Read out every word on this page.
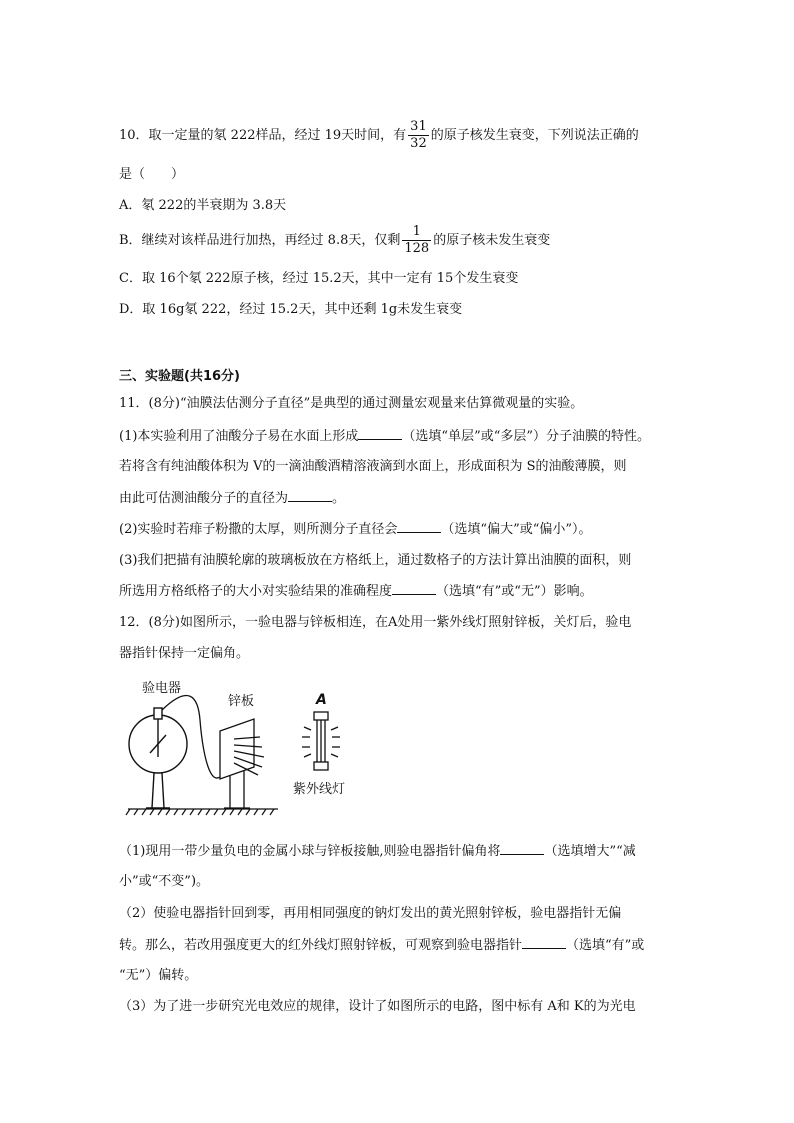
10．取一定量的氡 222样品，经过 19天时间，有 $\frac{31}{32}$ 的原子核发生衰变，下列说法正确的
是（　　）
A．氡 222的半衰期为 3.8天
B．继续对该样品进行加热，再经过 8.8天，仅剩 $\frac{1}{128}$ 的原子核未发生衰变
C．取 16个氡 222原子核，经过 15.2天，其中一定有 15个发生衰变
D．取 16g氡 222，经过 15.2天，其中还剩 1g未发生衰变
三、实验题(共16分)
11．(8分)“油膜法估测分子直径”是典型的通过测量宏观量来估算微观量的实验。
(1)本实验利用了油酸分子易在水面上形成	（选填“单层”或“多层”）分子油膜的特性。
若将含有纯油酸体积为 V的一滴油酸酒精溶液滴到水面上，形成面积为 S的油酸薄膜，则
由此可估测油酸分子的直径为	。
(2)实验时若痱子粉撒的太厚，则所测分子直径会	（选填“偏大”或“偏小”）。
(3)我们把描有油膜轮廓的玻璃板放在方格纸上，通过数格子的方法计算出油膜的面积，则
所选用方格纸格子的大小对实验结果的准确程度	（选填“有”或“无”）影响。
12．(8分)如图所示，一验电器与锌板相连，在A处用一紫外线灯照射锌板，关灯后，验电
器指针保持一定偏角。
验电器
锌板	A
紫外线灯
（1)现用一带少量负电的金属小球与锌板接触,则验电器指针偏角将	（选填增大”“减
小”或“不变”)。
（2）使验电器指针回到零，再用相同强度的钠灯发出的黄光照射锌板，验电器指针无偏
转。那么，若改用强度更大的红外线灯照射锌板，可观察到验电器指针	（选填“有”或
“无”）偏转。
（3）为了进一步研究光电效应的规律，设计了如图所示的电路，图中标有 A和 K的为光电
